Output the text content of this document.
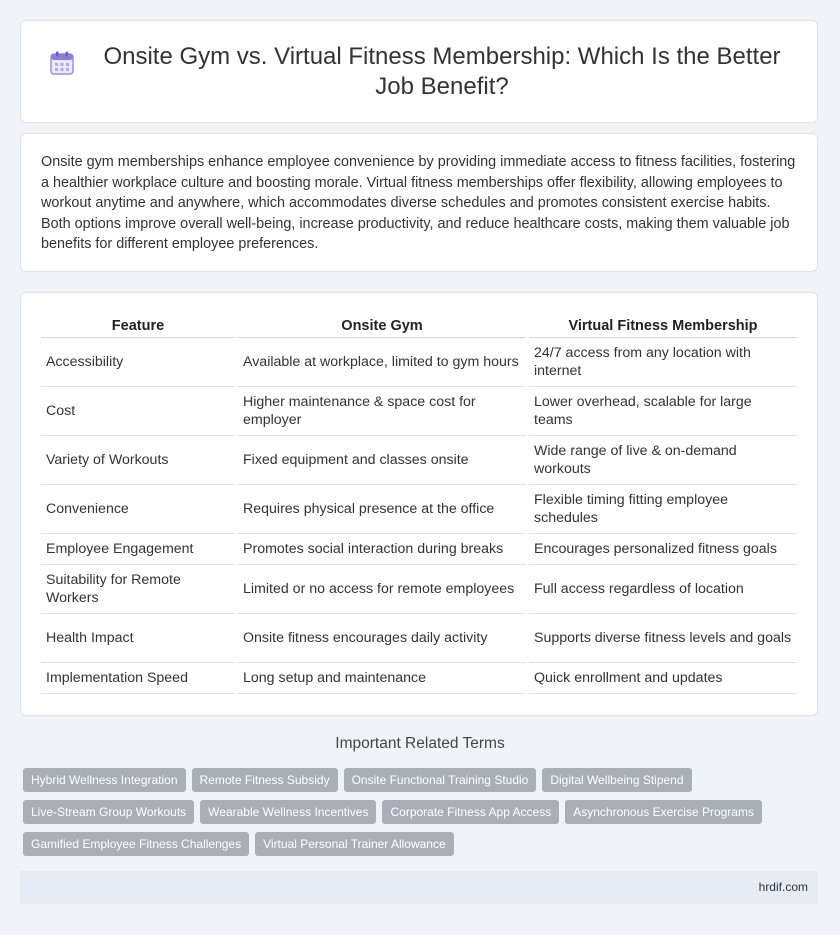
Onsite Gym vs. Virtual Fitness Membership: Which Is the Better Job Benefit?

Onsite gym memberships enhance employee convenience by providing immediate access to fitness facilities, fostering a healthier workplace culture and boosting morale. Virtual fitness memberships offer flexibility, allowing employees to workout anytime and anywhere, which accommodates diverse schedules and promotes consistent exercise habits. Both options improve overall well-being, increase productivity, and reduce healthcare costs, making them valuable job benefits for different employee preferences.

Feature	Onsite Gym	Virtual Fitness Membership
Accessibility	Available at workplace, limited to gym hours	24/7 access from any location with internet
Cost	Higher maintenance & space cost for employer	Lower overhead, scalable for large teams
Variety of Workouts	Fixed equipment and classes onsite	Wide range of live & on-demand workouts
Convenience	Requires physical presence at the office	Flexible timing fitting employee schedules
Employee Engagement	Promotes social interaction during breaks	Encourages personalized fitness goals
Suitability for Remote Workers	Limited or no access for remote employees	Full access regardless of location
Health Impact	Onsite fitness encourages daily activity	Supports diverse fitness levels and goals
Implementation Speed	Long setup and maintenance	Quick enrollment and updates
Important Related Terms
Hybrid Wellness Integration	Remote Fitness Subsidy	Onsite Functional Training Studio	Digital Wellbeing Stipend
Live-Stream Group Workouts	Wearable Wellness Incentives	Corporate Fitness App Access	Asynchronous Exercise Programs
Gamified Employee Fitness Challenges	Virtual Personal Trainer Allowance
hrdif.com
